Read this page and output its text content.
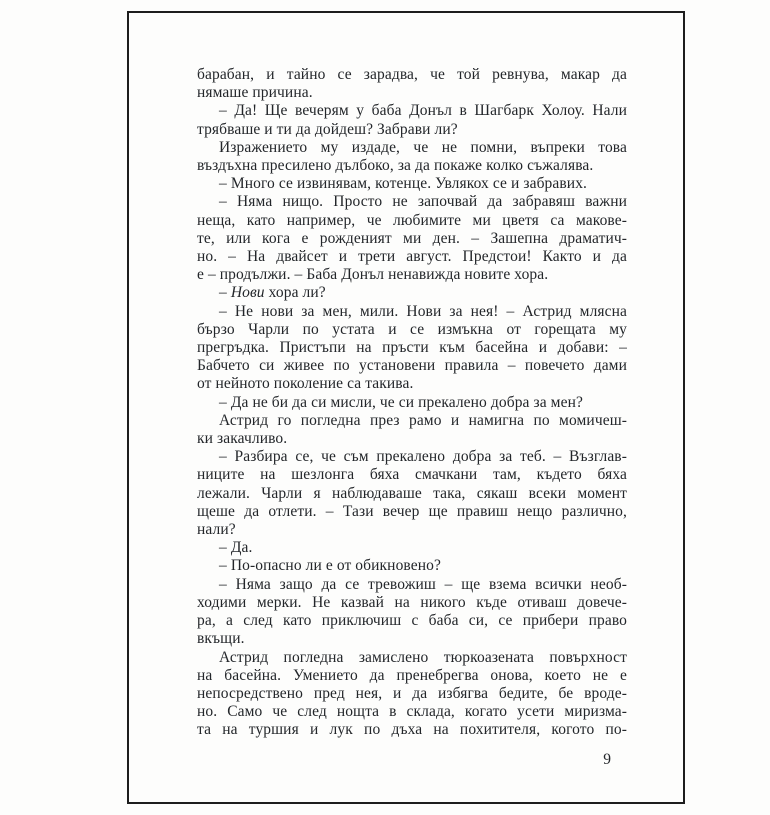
барабан, и тайно се зарадва, че той ревнува, макар да
нямаше причина.
– Да! Ще вечерям у баба Донъл в Шагбарк Холоу. Нали
трябваше и ти да дойдеш? Забрави ли?
Изражението му издаде, че не помни, въпреки това
въздъхна пресилено дълбоко, за да покаже колко съжалява.
– Много се извинявам, котенце. Увлякох се и забравих.
– Няма нищо. Просто не започвай да забравяш важни
неща, като например, че любимите ми цветя са макове-
те, или кога е рожденият ми ден. – Зашепна драматич-
но. – На двайсет и трети август. Предстои! Както и да
е – продължи. – Баба Донъл ненавижда новите хора.
– Нови хора ли?
– Не нови за мен, мили. Нови за нея! – Астрид млясна
бързо Чарли по устата и се измъкна от горещата му
прегръдка. Пристъпи на пръсти към басейна и добави: –
Бабчето си живее по установени правила – повечето дами
от нейното поколение са такива.
– Да не би да си мисли, че си прекалено добра за мен?
Астрид го погледна през рамо и намигна по момичеш-
ки закачливо.
– Разбира се, че съм прекалено добра за теб. – Възглав-
ниците на шезлонга бяха смачкани там, където бяха
лежали. Чарли я наблюдаваше така, сякаш всеки момент
щеше да отлети. – Тази вечер ще правиш нещо различно,
нали?
– Да.
– По-опасно ли е от обикновено?
– Няма защо да се тревожиш – ще взема всички необ-
ходими мерки. Не казвай на никого къде отиваш довече-
ра, а след като приключиш с баба си, се прибери право
вкъщи.
Астрид погледна замислено тюркоазената повърхност
на басейна. Умението да пренебрегва онова, което не е
непосредствено пред нея, и да избягва бедите, бе вроде-
но. Само че след нощта в склада, когато усети миризма-
та на туршия и лук по дъха на похитителя, когото по-
9
